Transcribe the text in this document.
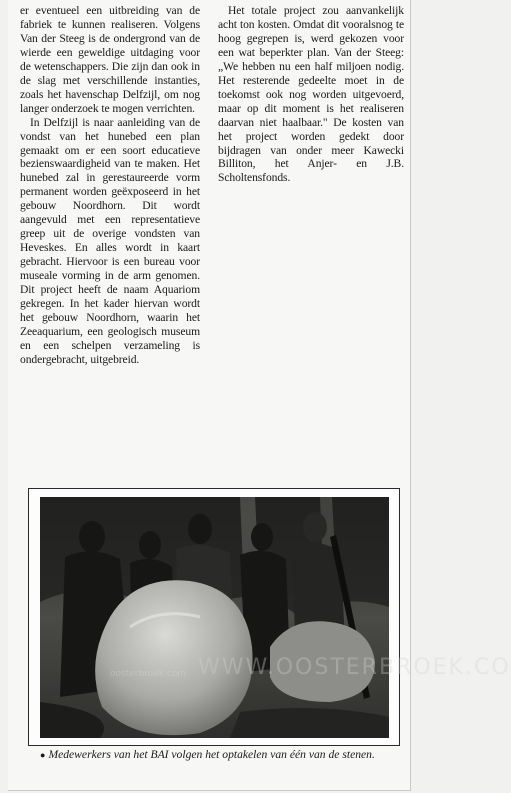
er eventueel een uitbreiding van de fabriek te kunnen realiseren. Volgens Van der Steeg is de ondergrond van de wierde een geweldige uitdaging voor de wetenschappers. Die zijn dan ook in de slag met verschillende instanties, zoals het havenschap Delfzijl, om nog langer onderzoek te mogen verrichten.

In Delfzijl is naar aanleiding van de vondst van het hunebed een plan gemaakt om er een soort educatieve bezienswaardigheid van te maken. Het hunebed zal in gerestaureerde vorm permanent worden geëxposeerd in het gebouw Noordhorn. Dit wordt aangevuld met een representatieve greep uit de overige vondsten van Heveskes. En alles wordt in kaart gebracht. Hiervoor is een bureau voor museale vorming in de arm genomen. Dit project heeft de naam Aquariom gekregen. In het kader hiervan wordt het gebouw Noordhorn, waarin het Zeeaquarium, een geologisch museum en een schelpen verzameling is ondergebracht, uitgebreid.

Het totale project zou aanvankelijk acht ton kosten. Omdat dit vooralsnog te hoog gegrepen is, werd gekozen voor een wat beperkter plan. Van der Steeg: „We hebben nu een half miljoen nodig. Het resterende gedeelte moet in de toekomst ook nog worden uitgevoerd, maar op dit moment is het realiseren daarvan niet haalbaar." De kosten van het project worden gedekt door bijdragen van onder meer Kawecki Billiton, het Anjer- en J.B. Scholtensfonds.

oosterbroek.com WWW.OOSTERBROEK.CO
● Medewerkers van het BAI volgen het optakelen van één van de stenen.
